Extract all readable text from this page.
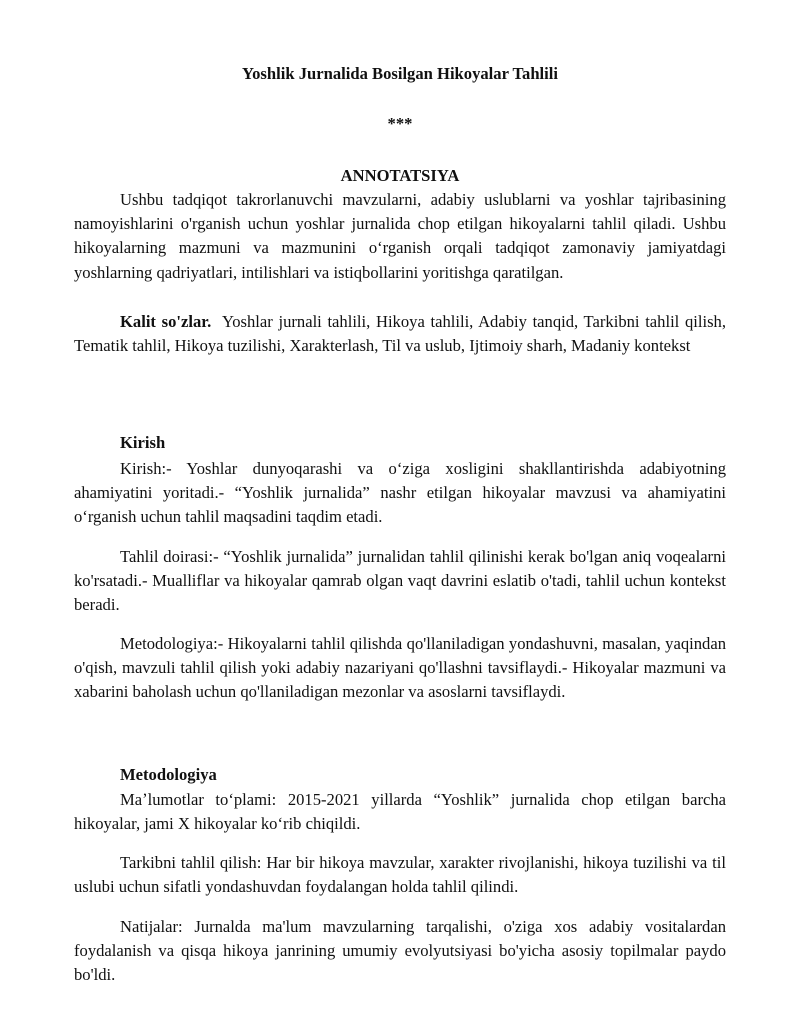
Yoshlik Jurnalida Bosilgan Hikoyalar Tahlili

***

ANNOTATSIYA

Ushbu tadqiqot takrorlanuvchi mavzularni, adabiy uslublarni va yoshlar tajribasining namoyishlarini o'rganish uchun yoshlar jurnalida chop etilgan hikoyalarni tahlil qiladi. Ushbu hikoyalarning mazmuni va mazmunini oʻrganish orqali tadqiqot zamonaviy jamiyatdagi yoshlarning qadriyatlari, intilishlari va istiqbollarini yoritishga qaratilgan.

Kalit so'zlar. Yoshlar jurnali tahlili, Hikoya tahlili, Adabiy tanqid, Tarkibni tahlil qilish, Tematik tahlil, Hikoya tuzilishi, Xarakterlash, Til va uslub, Ijtimoiy sharh, Madaniy kontekst

Kirish

Kirish:- Yoshlar dunyoqarashi va oʻziga xosligini shakllantirishda adabiyotning ahamiyatini yoritadi.- “Yoshlik jurnalida” nashr etilgan hikoyalar mavzusi va ahamiyatini oʻrganish uchun tahlil maqsadini taqdim etadi.

Tahlil doirasi:- “Yoshlik jurnalida” jurnalidan tahlil qilinishi kerak bo'lgan aniq voqealarni ko'rsatadi.- Mualliflar va hikoyalar qamrab olgan vaqt davrini eslatib o'tadi, tahlil uchun kontekst beradi.

Metodologiya:- Hikoyalarni tahlil qilishda qo'llaniladigan yondashuvni, masalan, yaqindan o'qish, mavzuli tahlil qilish yoki adabiy nazariyani qo'llashni tavsiflaydi.- Hikoyalar mazmuni va xabarini baholash uchun qo'llaniladigan mezonlar va asoslarni tavsiflaydi.

Metodologiya

Maʼlumotlar toʻplami: 2015-2021 yillarda “Yoshlik” jurnalida chop etilgan barcha hikoyalar, jami X hikoyalar koʻrib chiqildi.

Tarkibni tahlil qilish: Har bir hikoya mavzular, xarakter rivojlanishi, hikoya tuzilishi va til uslubi uchun sifatli yondashuvdan foydalangan holda tahlil qilindi.

Natijalar: Jurnalda ma'lum mavzularning tarqalishi, o'ziga xos adabiy vositalardan foydalanish va qisqa hikoya janrining umumiy evolyutsiyasi bo'yicha asosiy topilmalar paydo bo'ldi.
